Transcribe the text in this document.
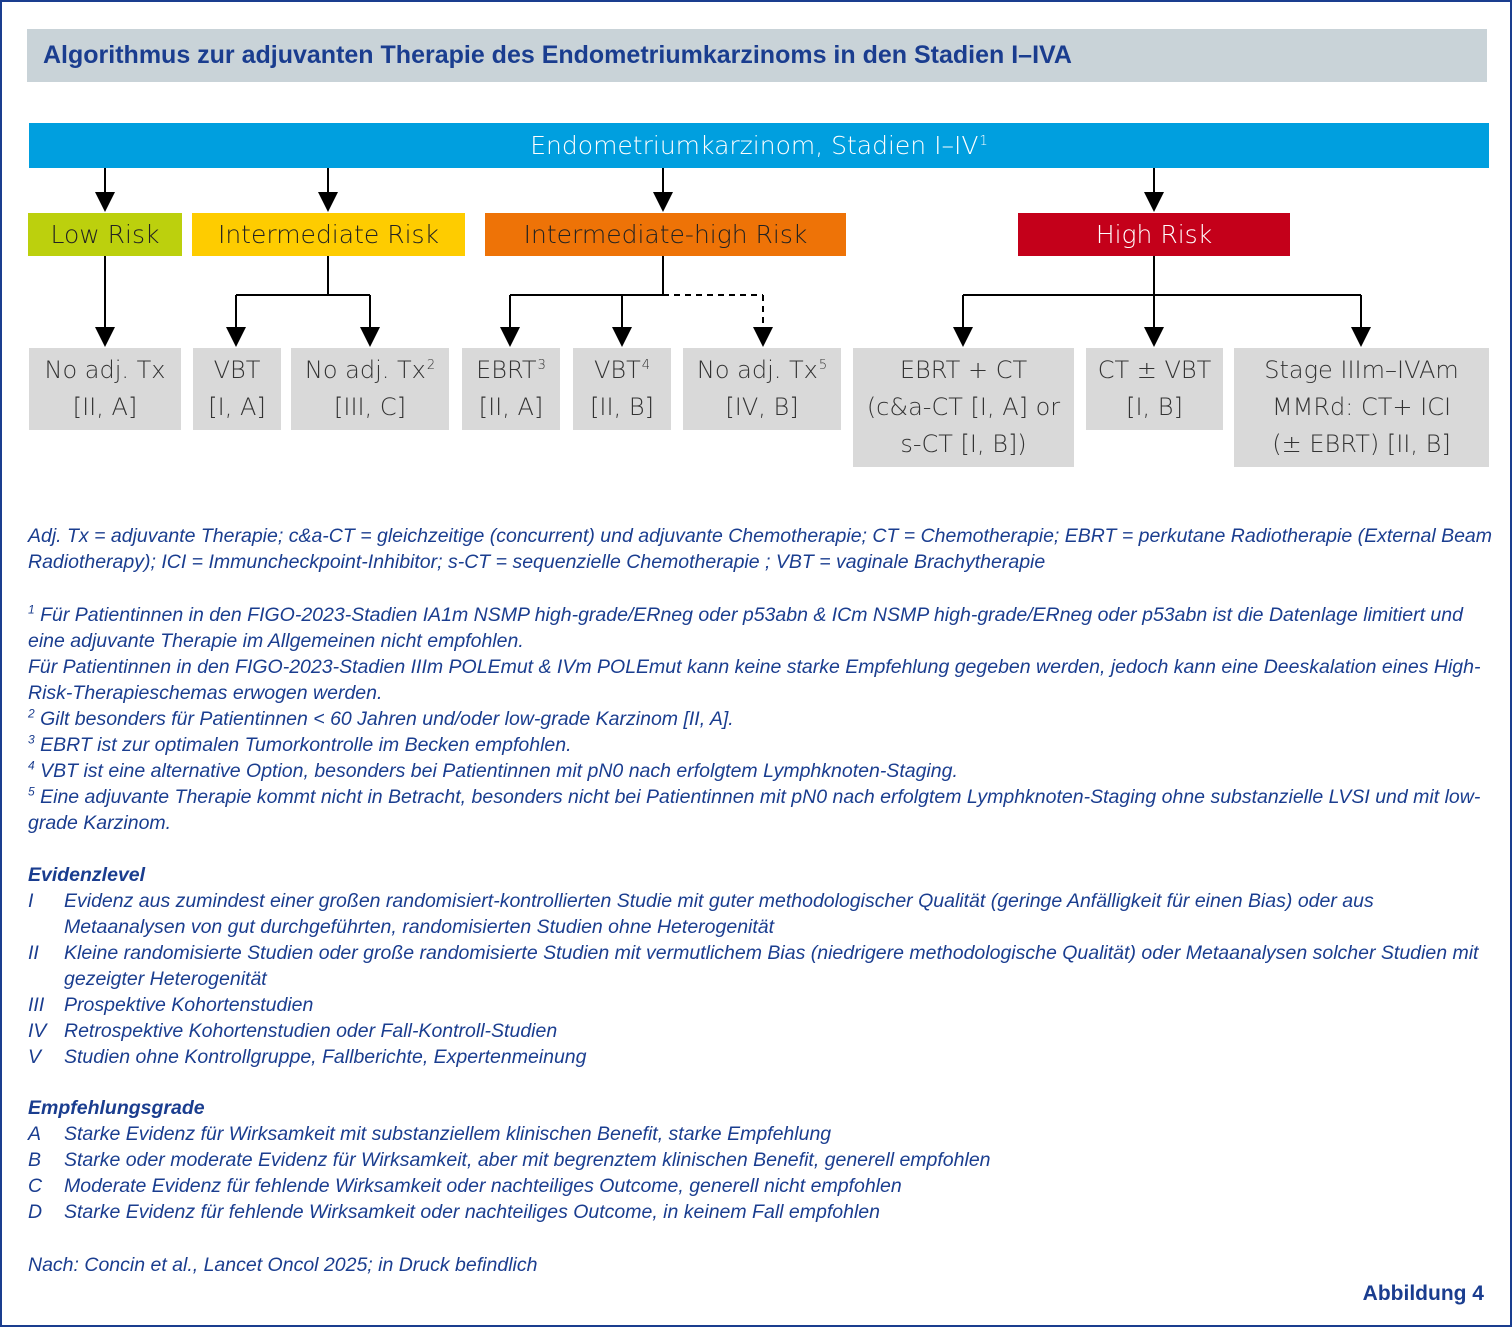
Algorithmus zur adjuvanten Therapie des Endometriumkarzinoms in den Stadien I–IVA
Endometriumkarzinom, Stadien $I-IV^1$
Low Risk Intermediate Risk	Intermediate-high Risk	High Risk
No adj. Tx
[II, A]
VBT
[I, A]
No adj. Tx$^2$
[III, C]
EBRT$^3$
[II, A]
VBT$^4$
[II, B]
No adj. Tx$^5$
[IV, B]
EBRT + CT
(c&a-CT [I, A] or
s-CT [I, B])
CT ± VBT
[I, B]
Stage IIIm–IVAm
MMRd: CT+ ICI
(± EBRT) [II, B]

Adj. Tx = adjuvante Therapie; c&a-CT = gleichzeitige (concurrent) und adjuvante Chemotherapie; CT = Chemotherapie; EBRT = perkutane Radiotherapie (External Beam Radiotherapy); ICI = Immuncheckpoint-Inhibitor; s-CT = sequenzielle Chemotherapie ; VBT = vaginale Brachytherapie

$^1$ Für Patientinnen in den FIGO-2023-Stadien IA1m NSMP high-grade/ERneg oder p53abn & ICm NSMP high-grade/ERneg oder p53abn ist die Datenlage limitiert und eine adjuvante Therapie im Allgemeinen nicht empfohlen.

Für Patientinnen in den FIGO-2023-Stadien IIIm POLEmut & IVm POLEmut kann keine starke Empfehlung gegeben werden, jedoch kann eine Deeskalation eines High-Risk-Therapieschemas erwogen werden.

$^2$ Gilt besonders für Patientinnen < 60 Jahren und/oder low-grade Karzinom [II, A].

$^3$ EBRT ist zur optimalen Tumorkontrolle im Becken empfohlen.

$^4$ VBT ist eine alternative Option, besonders bei Patientinnen mit pN0 nach erfolgtem Lymphknoten-Staging.

$^5$ Eine adjuvante Therapie kommt nicht in Betracht, besonders nicht bei Patientinnen mit pN0 nach erfolgtem Lymphknoten-Staging ohne substanzielle LVSI und mit low-grade Karzinom.

Evidenzlevel

I	Evidenz aus zumindest einer großen randomisiert-kontrollierten Studie mit guter methodologischer Qualität (geringe Anfälligkeit für einen Bias) oder aus Metaanalysen von gut durchgeführten, randomisierten Studien ohne Heterogenität
II	Kleine randomisierte Studien oder große randomisierte Studien mit vermutlichem Bias (niedrigere methodologische Qualität) oder Metaanalysen solcher Studien mit gezeigter Heterogenität
III	Prospektive Kohortenstudien
IV Retrospektive Kohortenstudien oder Fall-Kontroll-Studien
V	Studien ohne Kontrollgruppe, Fallberichte, Expertenmeinung

Empfehlungsgrade

A	Starke Evidenz für Wirksamkeit mit substanziellem klinischen Benefit, starke Empfehlung
B	Starke oder moderate Evidenz für Wirksamkeit, aber mit begrenztem klinischen Benefit, generell empfohlen
C	Moderate Evidenz für fehlende Wirksamkeit oder nachteiliges Outcome, generell nicht empfohlen
D	Starke Evidenz für fehlende Wirksamkeit oder nachteiliges Outcome, in keinem Fall empfohlen

Nach: Concin et al., Lancet Oncol 2025; in Druck befindlich

Abbildung 4
